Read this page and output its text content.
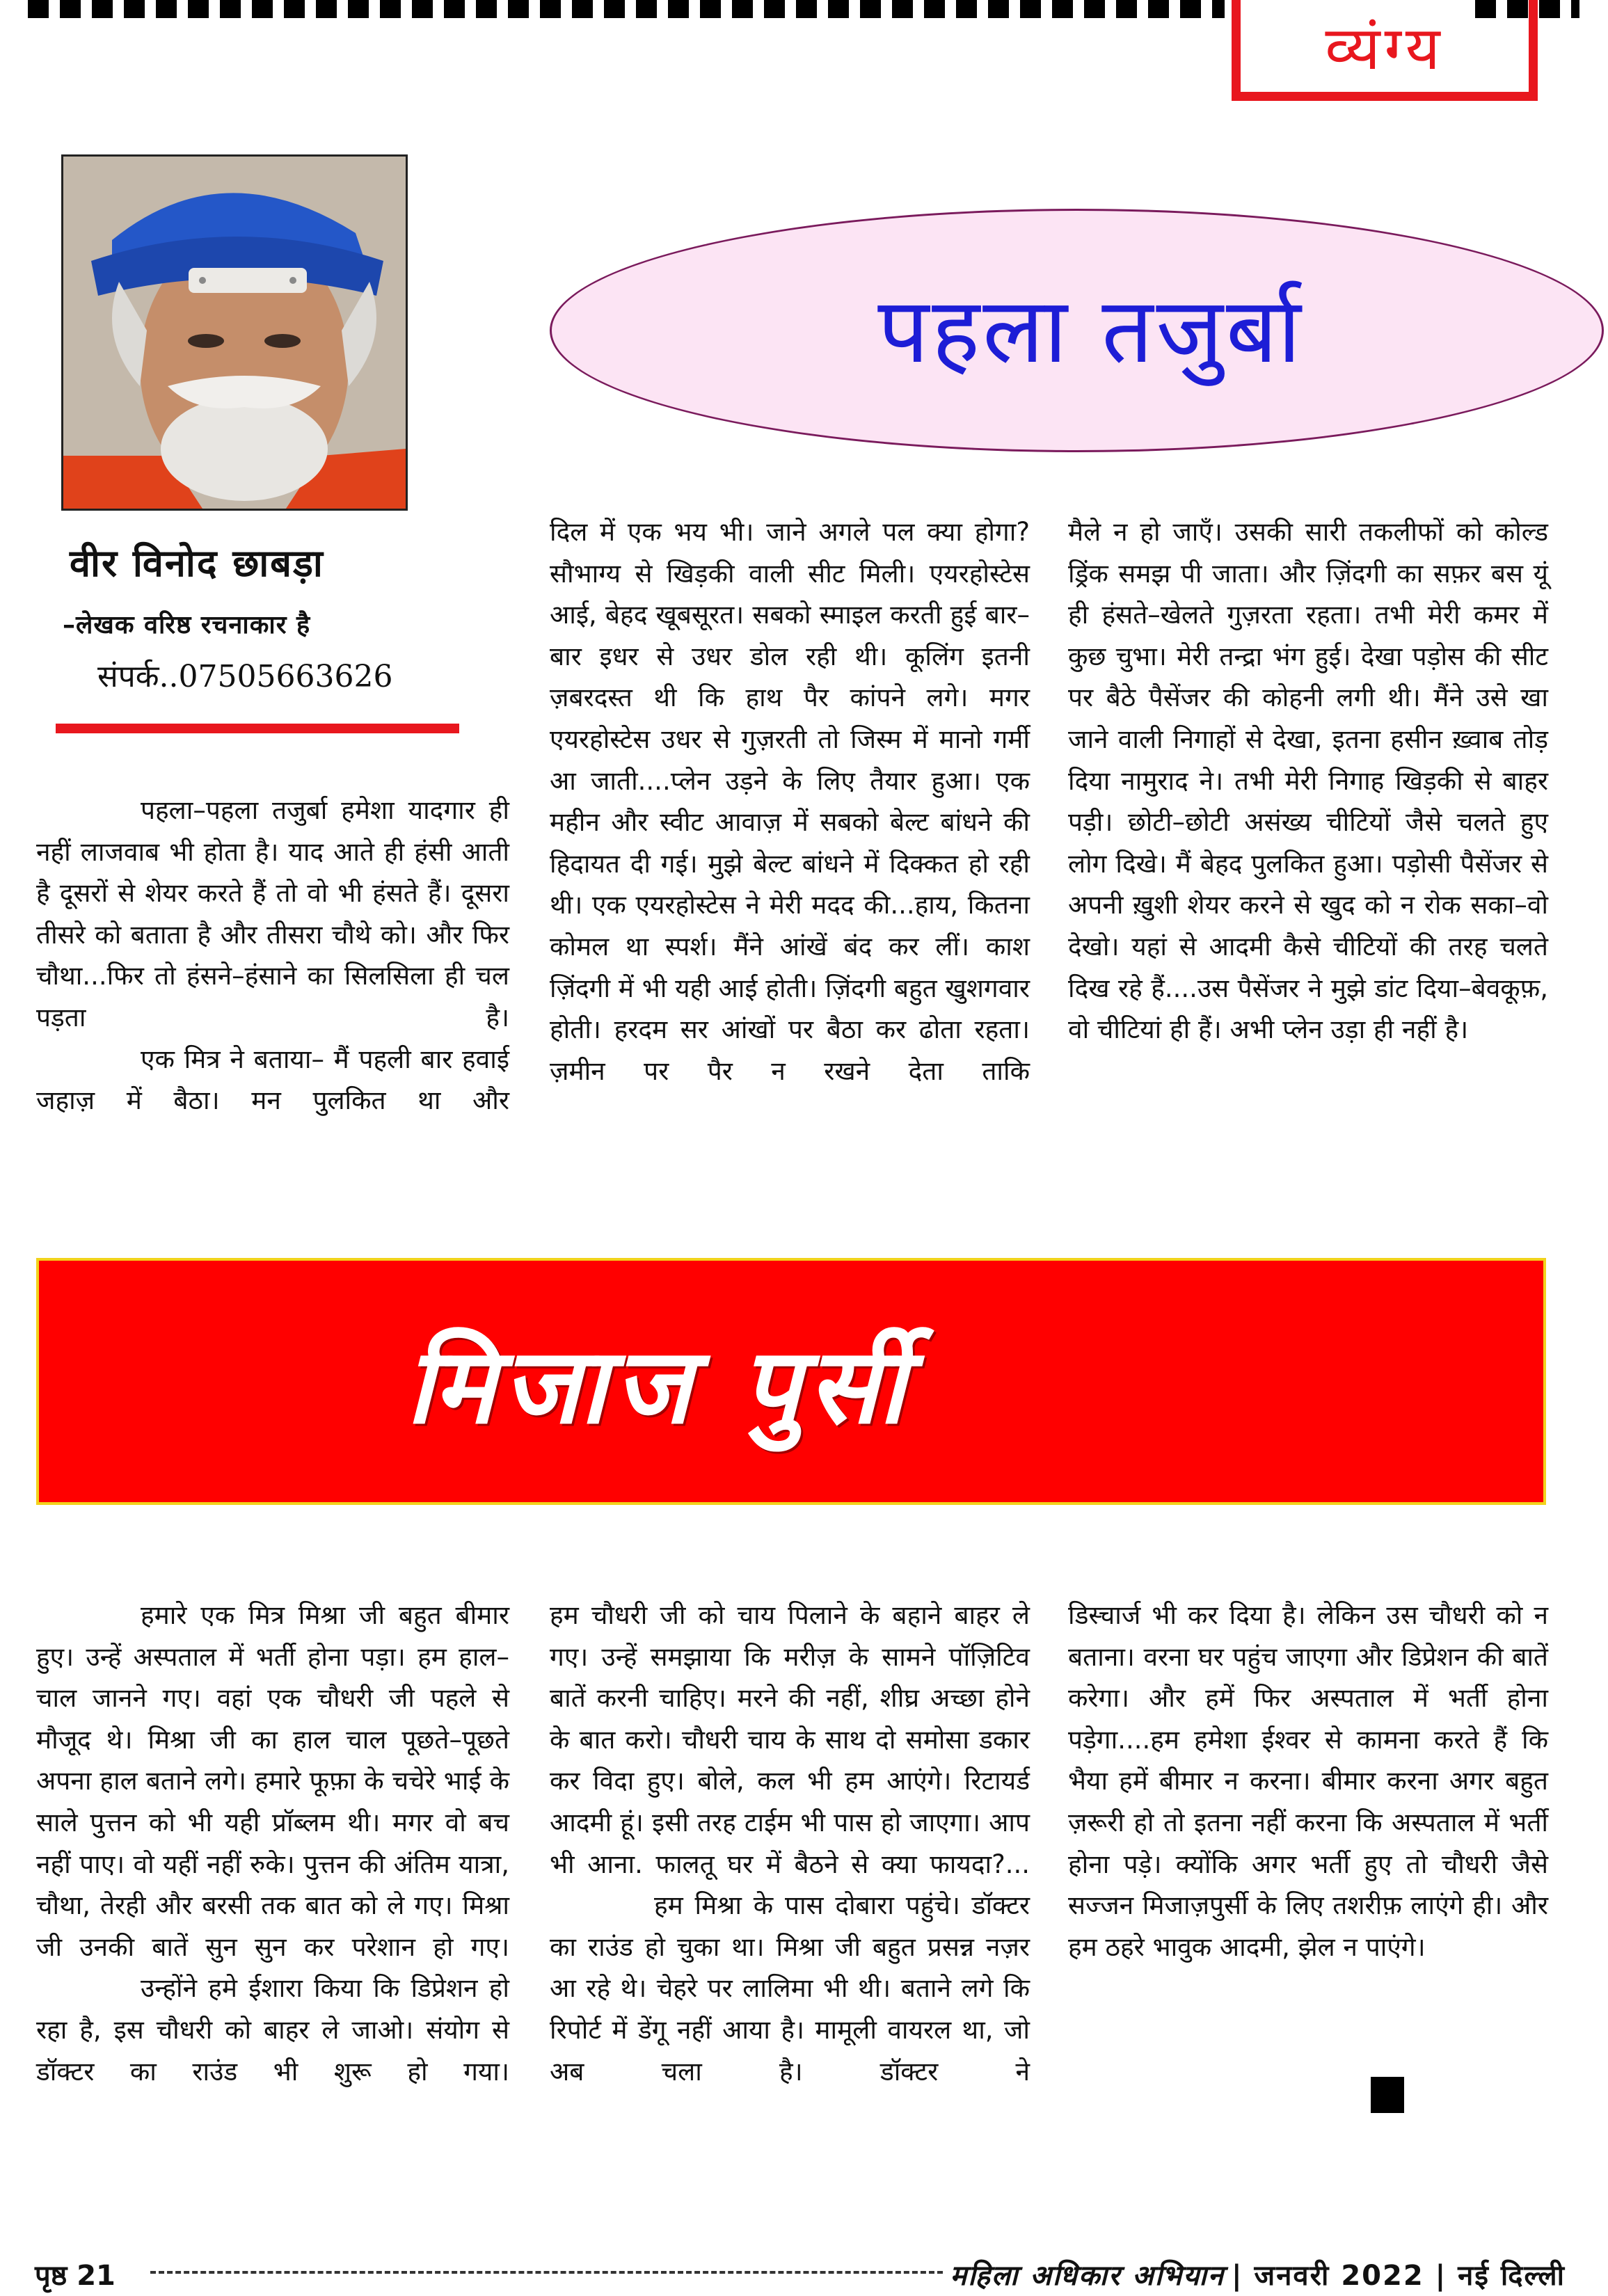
व्यंग्य
पहला तजुर्बा
वीर विनोद छाबड़ा
–लेखक वरिष्ठ रचनाकार है
संपर्क..07505663626

पहला–पहला तजुर्बा हमेशा यादगार ही नहीं लाजवाब भी होता है। याद आते ही हंसी आती है दूसरों से शेयर करते हैं तो वो भी हंसते हैं। दूसरा तीसरे को बताता है और तीसरा चौथे को। और फिर चौथा...फिर तो हंसने–हंसाने का सिलसिला ही चल पड़ता है।

एक मित्र ने बताया– मैं पहली बार हवाई जहाज़ में बैठा। मन पुलकित था और

दिल में एक भय भी। जाने अगले पल क्या होगा? सौभाग्य से खिड़की वाली सीट मिली। एयरहोस्टेस आई, बेहद खूबसूरत। सबको स्माइल करती हुई बार–बार इधर से उधर डोल रही थी। कूलिंग इतनी ज़बरदस्त थी कि हाथ पैर कांपने लगे। मगर एयरहोस्टेस उधर से गुज़रती तो जिस्म में मानो गर्मी आ जाती....प्लेन उड़ने के लिए तैयार हुआ। एक महीन और स्वीट आवाज़ में सबको बेल्ट बांधने की हिदायत दी गई। मुझे बेल्ट बांधने में दिक्कत हो रही थी। एक एयरहोस्टेस ने मेरी मदद की...हाय, कितना कोमल था स्पर्श। मैंने आंखें बंद कर लीं। काश ज़िंदगी में भी यही आई होती। ज़िंदगी बहुत खुशगवार होती। हरदम सर आंखों पर बैठा कर ढोता रहता। ज़मीन पर पैर न रखने देता ताकि

मैले न हो जाएँ। उसकी सारी तकलीफों को कोल्ड ड्रिंक समझ पी जाता। और ज़िंदगी का सफ़र बस यूं ही हंसते–खेलते गुज़रता रहता। तभी मेरी कमर में कुछ चुभा। मेरी तन्द्रा भंग हुई। देखा पड़ोस की सीट पर बैठे पैसेंजर की कोहनी लगी थी। मैंने उसे खा जाने वाली निगाहों से देखा, इतना हसीन ख़्वाब तोड़ दिया नामुराद ने। तभी मेरी निगाह खिड़की से बाहर पड़ी। छोटी–छोटी असंख्य चीटियों जैसे चलते हुए लोग दिखे। मैं बेहद पुलकित हुआ। पड़ोसी पैसेंजर से अपनी ख़ुशी शेयर करने से खुद को न रोक सका–वो देखो। यहां से आदमी कैसे चीटियों की तरह चलते दिख रहे हैं....उस पैसेंजर ने मुझे डांट दिया–बेवकूफ़, वो चीटियां ही हैं। अभी प्लेन उड़ा ही नहीं है।

मिजाज पुर्सी

हमारे एक मित्र मिश्रा जी बहुत बीमार हुए। उन्हें अस्पताल में भर्ती होना पड़ा। हम हाल–चाल जानने गए। वहां एक चौधरी जी पहले से मौजूद थे। मिश्रा जी का हाल चाल पूछते–पूछते अपना हाल बताने लगे। हमारे फूफ़ा के चचेरे भाई के साले पुत्तन को भी यही प्रॉब्लम थी। मगर वो बच नहीं पाए। वो यहीं नहीं रुके। पुत्तन की अंतिम यात्रा, चौथा, तेरही और बरसी तक बात को ले गए। मिश्रा जी उनकी बातें सुन सुन कर परेशान हो गए।

उन्होंने हमे ईशारा किया कि डिप्रेशन हो रहा है, इस चौधरी को बाहर ले जाओ। संयोग से डॉक्टर का राउंड भी शुरू हो गया।

हम चौधरी जी को चाय पिलाने के बहाने बाहर ले गए। उन्हें समझाया कि मरीज़ के सामने पॉज़िटिव बातें करनी चाहिए। मरने की नहीं, शीघ्र अच्छा होने के बात करो। चौधरी चाय के साथ दो समोसा डकार कर विदा हुए। बोले, कल भी हम आएंगे। रिटायर्ड आदमी हूं। इसी तरह टाईम भी पास हो जाएगा। आप भी आना. फालतू घर में बैठने से क्या फायदा?...

हम मिश्रा के पास दोबारा पहुंचे। डॉक्टर का राउंड हो चुका था। मिश्रा जी बहुत प्रसन्न नज़र आ रहे थे। चेहरे पर लालिमा भी थी। बताने लगे कि रिपोर्ट में डेंगू नहीं आया है। मामूली वायरल था, जो अब चला है। डॉक्टर ने

डिस्चार्ज भी कर दिया है। लेकिन उस चौधरी को न बताना। वरना घर पहुंच जाएगा और डिप्रेशन की बातें करेगा। और हमें फिर अस्पताल में भर्ती होना पड़ेगा....हम हमेशा ईश्वर से कामना करते हैं कि भैया हमें बीमार न करना। बीमार करना अगर बहुत ज़रूरी हो तो इतना नहीं करना कि अस्पताल में भर्ती होना पड़े। क्योंकि अगर भर्ती हुए तो चौधरी जैसे सज्जन मिजाज़पुर्सी के लिए तशरीफ़ लाएंगे ही। और हम ठहरे भावुक आदमी, झेल न पाएंगे।

पृष्ठ 21	महिला अधिकार अभियान | जनवरी 2022 | नई दिल्ली
